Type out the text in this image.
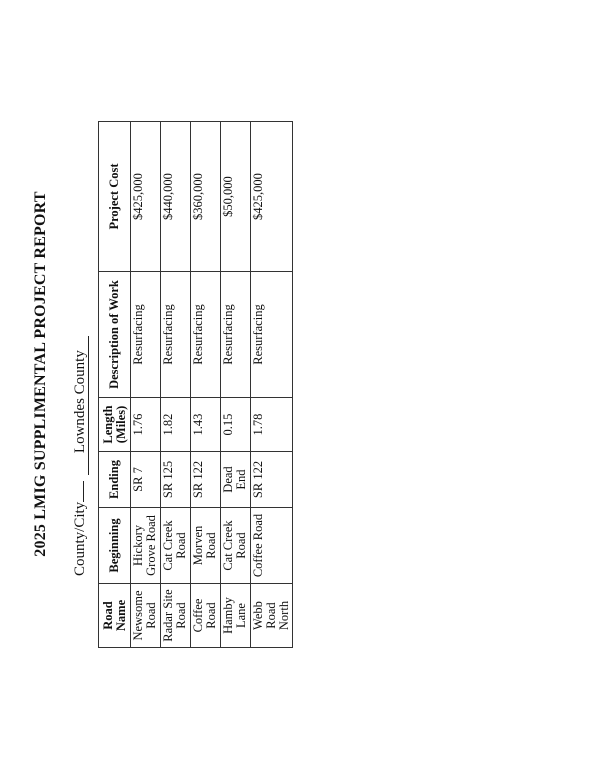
2025 LMIG SUPPLIMENTAL PROJECT REPORT County/City Lowndes County
Road Name	Beginning	Ending	Length (Miles)	Description of Work	Project Cost
Newsome Road	Hickory Grove Road	SR 7	1.76	Resurfacing	$425,000
Radar Site Road	Cat Creek Road	SR 125	1.82	Resurfacing	$440,000
Coffee Road	Morven Road	SR 122	1.43	Resurfacing	$360,000
Hamby Lane	Cat Creek Road	Dead End	0.15	Resurfacing	$50,000
Webb Road North	Coffee Road	SR 122	1.78	Resurfacing	$425,000
